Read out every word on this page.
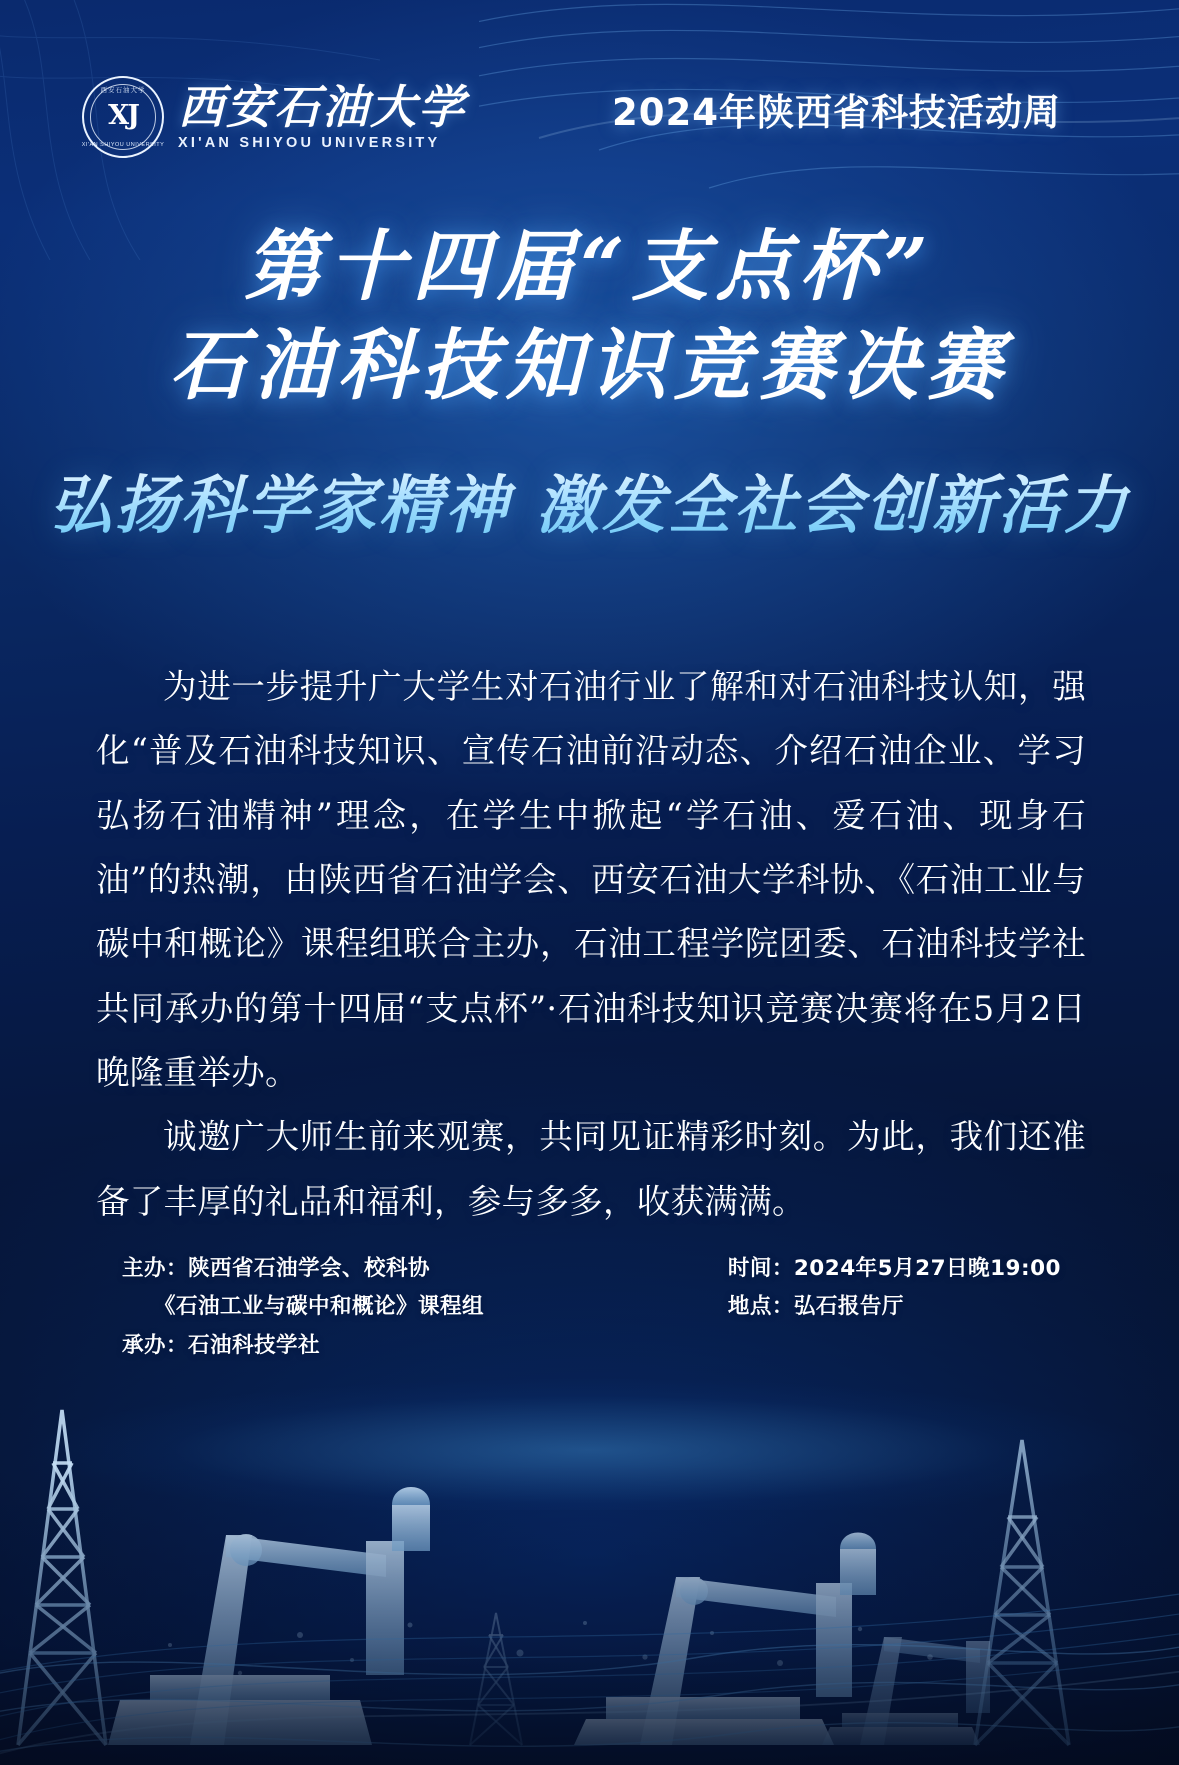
西安石油大学
XJ
XI'AN SHIYOU UNIVERSITY
西安石油大学
XI'AN SHIYOU UNIVERSITY
2024年陕西省科技活动周
第十四届“支点杯”
石油科技知识竞赛决赛
弘扬科学家精神 激发全社会创新活力

为进一步提升广大学生对石油行业了解和对石油科技认知，强化“普及石油科技知识、宣传石油前沿动态、介绍石油企业、学习弘扬石油精神”理念，在学生中掀起“学石油、爱石油、现身石油”的热潮，由陕西省石油学会、西安石油大学科协、《石油工业与碳中和概论》课程组联合主办，石油工程学院团委、石油科技学社共同承办的第十四届“支点杯”·石油科技知识竞赛决赛将在5月2日晚隆重举办。

诚邀广大师生前来观赛，共同见证精彩时刻。为此，我们还准备了丰厚的礼品和福利，参与多多，收获满满。

主办：陕西省石油学会、校科协
《石油工业与碳中和概论》课程组
承办：石油科技学社
时间：2024年5月27日晚19:00
地点：弘石报告厅
